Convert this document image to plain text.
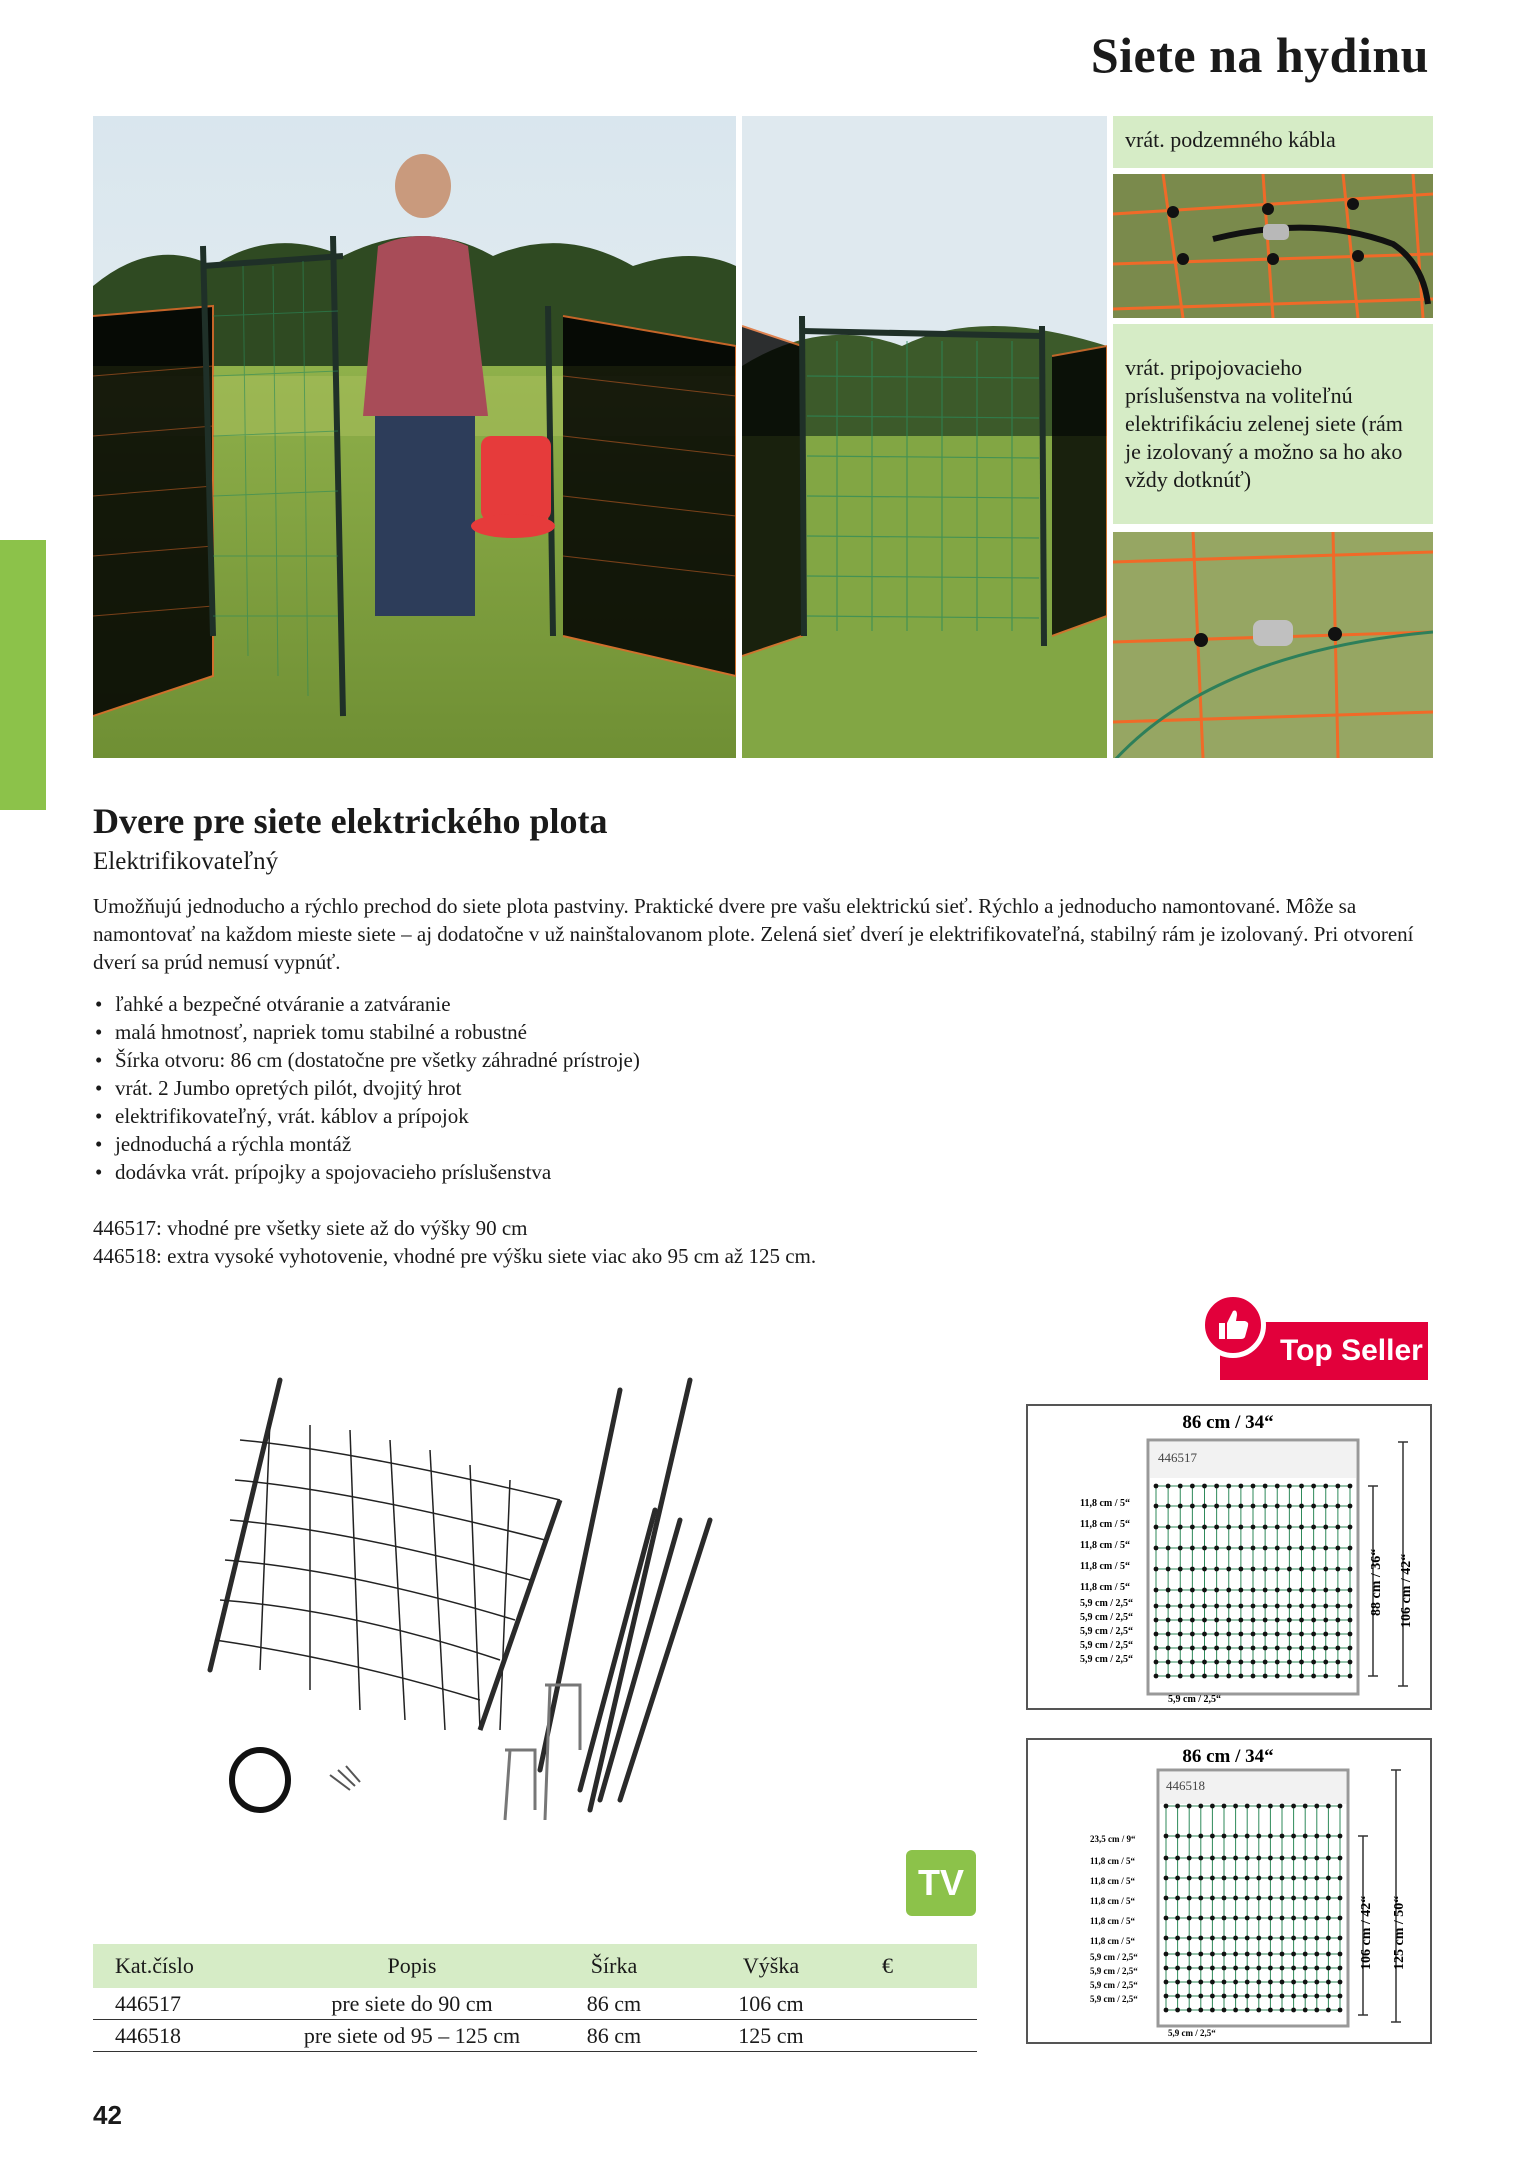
Siete na hydinu
vrát. podzemného kábla
vrát. pripojovacieho príslušenstva na voliteľnú elektrifikáciu zelenej siete (rám je izolovaný a možno sa ho ako vždy dotknúť)
Dvere pre siete elektrického plota
Elektrifikovateľný
Umožňujú jednoducho a rýchlo prechod do siete plota pastviny. Praktické dvere pre vašu elektrickú sieť. Rýchlo a jednoducho namontované. Môže sa namontovať na každom mieste siete – aj dodatočne v už nainštalovanom plote. Zelená sieť dverí je elektrifikovateľná, stabilný rám je izolovaný. Pri otvorení dverí sa prúd nemusí vypnúť.
• ľahké a bezpečné otváranie a zatváranie
• malá hmotnosť, napriek tomu stabilné a robustné
• Šírka otvoru: 86 cm (dostatočne pre všetky záhradné prístroje)
• vrát. 2 Jumbo opretých pilót, dvojitý hrot
• elektrifikovateľný, vrát. káblov a prípojok
• jednoduchá a rýchla montáž
• dodávka vrát. prípojky a spojovacieho príslušenstva
446517: vhodné pre všetky siete až do výšky 90 cm
446518: extra vysoké vyhotovenie, vhodné pre výšku siete viac ako 95 cm až 125 cm.
Top Seller
TV
86 cm / 34“
446517
11,8 cm / 5“
11,8 cm / 5“
11,8 cm / 5“
11,8 cm / 5“
11,8 cm / 5“
5,9 cm / 2,5“
5,9 cm / 2,5“
5,9 cm / 2,5“
5,9 cm / 2,5“
5,9 cm / 2,5“
5,9 cm / 2,5“
88 cm / 36“ 106 cm / 42“
86 cm / 34“
446518
23,5 cm / 9“
11,8 cm / 5“
11,8 cm / 5“
11,8 cm / 5“
11,8 cm / 5“
11,8 cm / 5“
5,9 cm / 2,5“
5,9 cm / 2,5“
5,9 cm / 2,5“
5,9 cm / 2,5“
5,9 cm / 2,5“
106 cm / 42“ 125 cm / 50“
Kat.číslo	Popis	Šírka	Výška	€
446517	pre siete do 90 cm	86 cm	106 cm	
446518	pre siete od 95 – 125 cm	86 cm	125 cm	
42
